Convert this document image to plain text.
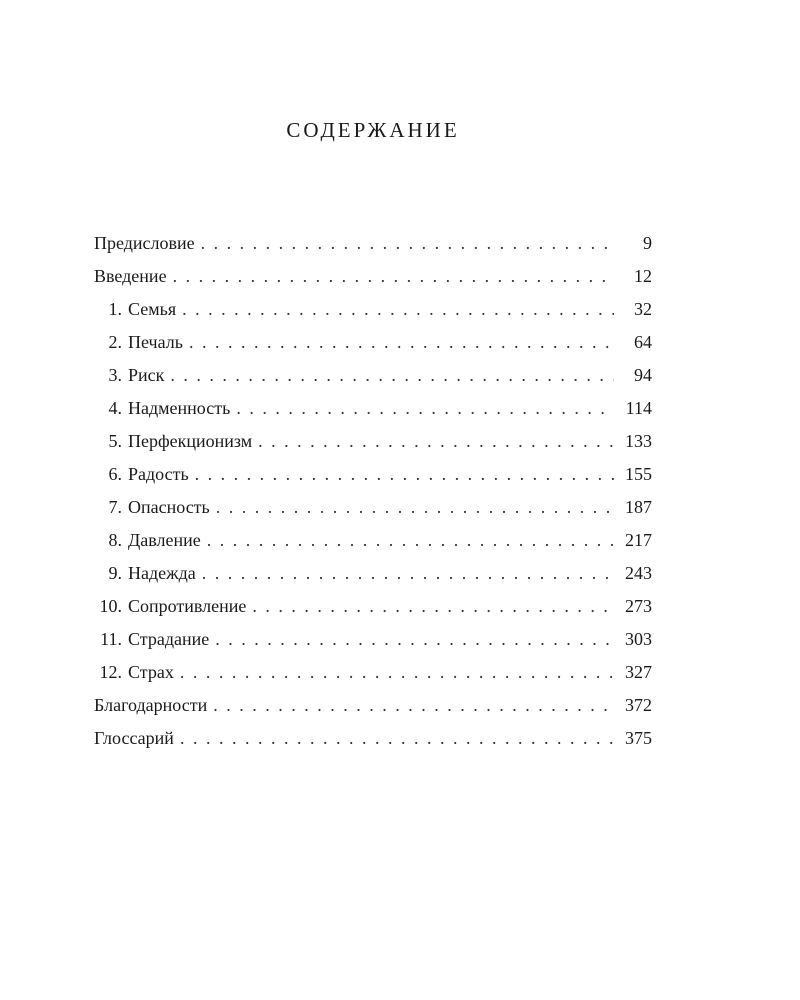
СОДЕРЖАНИЕ
Предисловие . . .	9
Введение . . .	12
1. Семья . . .	32
2. Печаль . . .	64
3. Риск . . .	94
4. Надменность . . .	114
5. Перфекционизм . . .	133
6. Радость . . .	155
7. Опасность . . .	187
8. Давление . . .	217
9. Надежда . . .	243
10. Сопротивление . . .	273
11. Страдание . . .	303
12. Страх . . .	327
Благодарности . . .	372
Глоссарий . . .	375
